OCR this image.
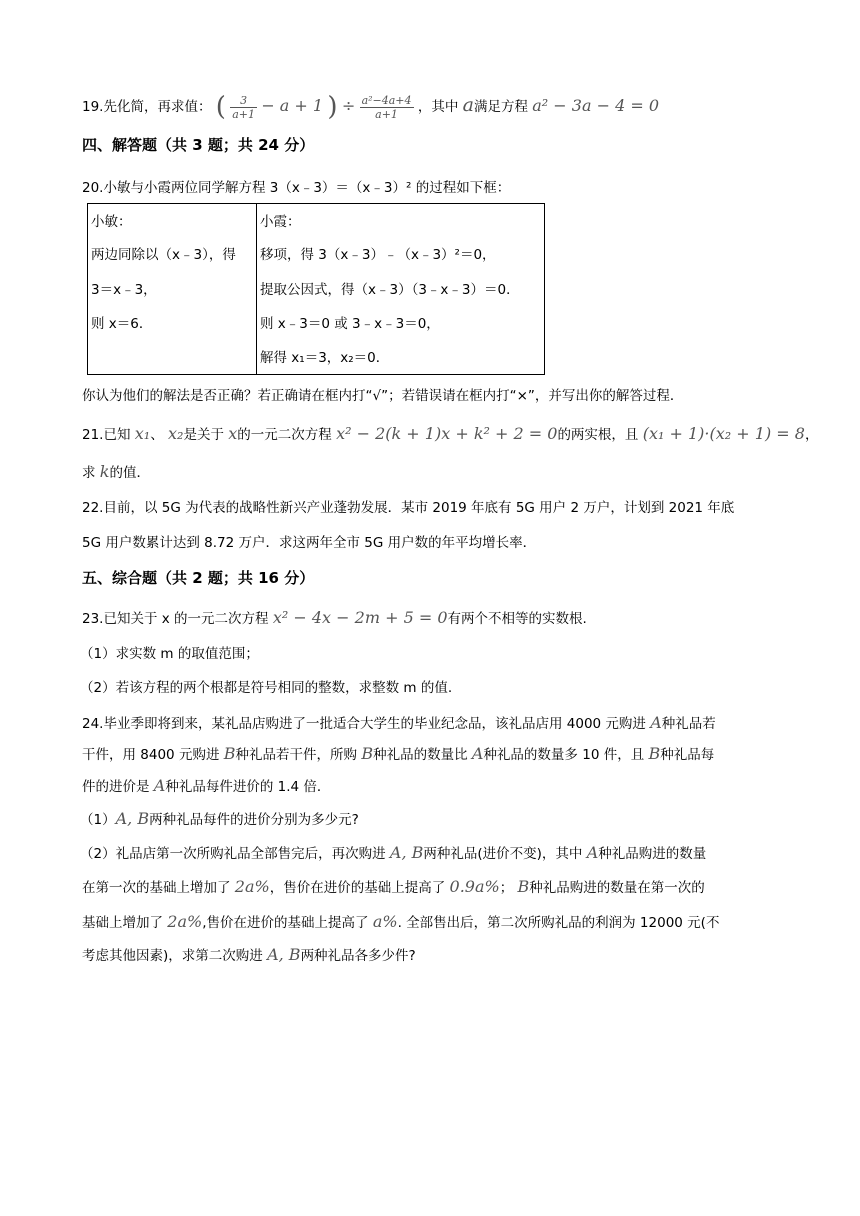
19.先化简，再求值： ( $\frac{3}{a+1} - a + 1$ ) ÷ $\frac{\text{a²−4a+4}}{a+1}$ ，其中 a满足方程 a² − 3a − 4 = 0
四、解答题（共 3 题；共 24 分）
20.小敏与小霞两位同学解方程 3（x﹣3）＝（x﹣3）² 的过程如下框：
小敏：
两边同除以（x﹣3），得
3＝x﹣3，
则 x＝6．

小霞：
移项，得 3（x﹣3）﹣（x﹣3）²＝0，
提取公因式，得（x﹣3）（3﹣x﹣3）＝0．
则 x﹣3＝0 或 3﹣x﹣3＝0，
解得 x₁＝3，x₂＝0．
你认为他们的解法是否正确？若正确请在框内打“√”；若错误请在框内打“×”，并写出你的解答过程．
21.已知 x₁、 x₂是关于 x的一元二次方程 x² − 2(k + 1)x + k² + 2 = 0的两实根，且 (x₁ + 1)·(x₂ + 1) = 8，
求 k的值．
22.目前，以 5G 为代表的战略性新兴产业蓬勃发展．某市 2019 年底有 5G 用户 2 万户，计划到 2021 年底
5G 用户数累计达到 8.72 万户．求这两年全市 5G 用户数的年平均增长率．
五、综合题（共 2 题；共 16 分）
23.已知关于 x 的一元二次方程 x² − 4x − 2m + 5 = 0有两个不相等的实数根.
（1）求实数 m 的取值范围；
（2）若该方程的两个根都是符号相同的整数，求整数 m 的值.
24.毕业季即将到来，某礼品店购进了一批适合大学生的毕业纪念品，该礼品店用 4000 元购进 A种礼品若
干件，用 8400 元购进 B种礼品若干件，所购 B种礼品的数量比 A种礼品的数量多 10 件，且 B种礼品每
件的进价是 A种礼品每件进价的 1.4 倍．
（1）A, B两种礼品每件的进价分别为多少元?
（2）礼品店第一次所购礼品全部售完后，再次购进 A, B两种礼品(进价不变)，其中 A种礼品购进的数量
在第一次的基础上增加了 2a%，售价在进价的基础上提高了 0.9a%； B种礼品购进的数量在第一次的
基础上增加了 2a%,售价在进价的基础上提高了 a%. 全部售出后，第二次所购礼品的利润为 12000 元(不
考虑其他因素)，求第二次购进 A, B两种礼品各多少件?
